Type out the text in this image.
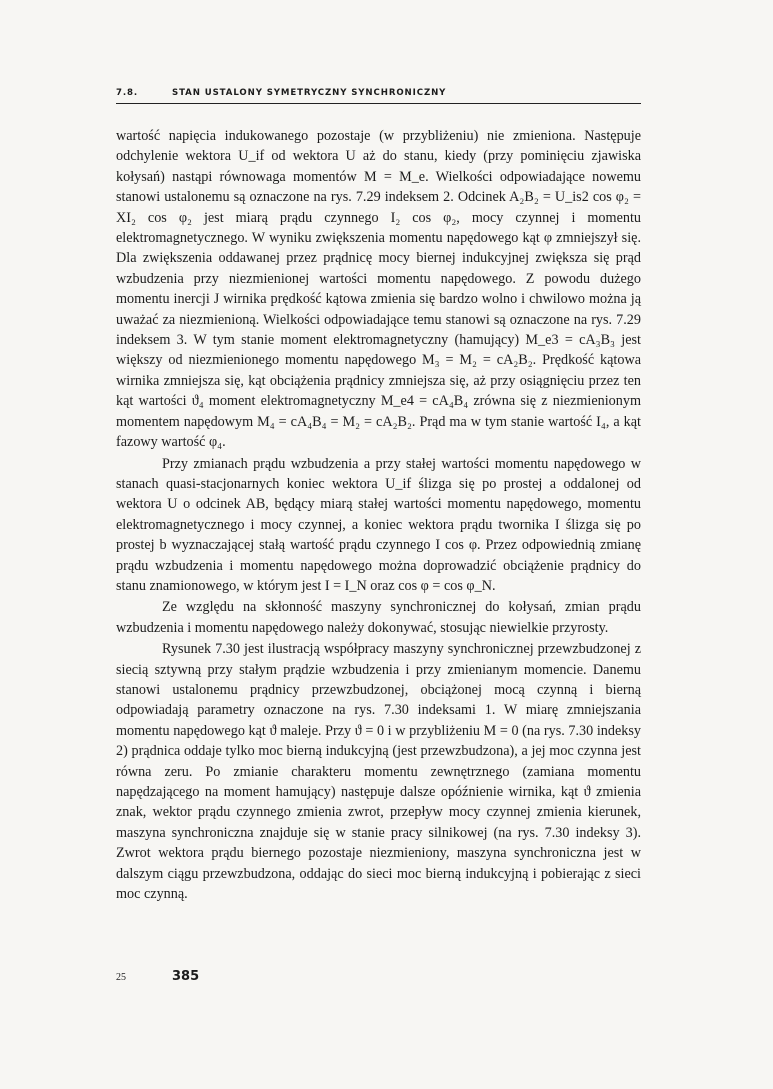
7.8.	STAN USTALONY SYMETRYCZNY SYNCHRONICZNY

wartość napięcia indukowanego pozostaje (w przybliżeniu) nie zmieniona. Następuje odchylenie wektora U_if od wektora U aż do stanu, kiedy (przy pominięciu zjawiska kołysań) nastąpi równowaga momentów M = M_e. Wielkości odpowiadające nowemu stanowi ustalonemu są oznaczone na rys. 7.29 indeksem 2. Odcinek A₂B₂ = U_is2 cos φ₂ = XI₂ cos φ₂ jest miarą prądu czynnego I₂ cos φ₂, mocy czynnej i momentu elektromagnetycznego. W wyniku zwiększenia momentu napędowego kąt φ zmniejszył się. Dla zwiększenia oddawanej przez prądnicę mocy biernej indukcyjnej zwiększa się prąd wzbudzenia przy niezmienionej wartości momentu napędowego. Z powodu dużego momentu inercji J wirnika prędkość kątowa zmienia się bardzo wolno i chwilowo można ją uważać za niezmienioną. Wielkości odpowiadające temu stanowi są oznaczone na rys. 7.29 indeksem 3. W tym stanie moment elektromagnetyczny (hamujący) M_e3 = cA₃B₃ jest większy od niezmienionego momentu napędowego M₃ = M₂ = cA₂B₂. Prędkość kątowa wirnika zmniejsza się, kąt obciążenia prądnicy zmniejsza się, aż przy osiągnięciu przez ten kąt wartości ϑ₄ moment elektromagnetyczny M_e4 = cA₄B₄ zrówna się z niezmienionym momentem napędowym M₄ = cA₄B₄ = M₂ = cA₂B₂. Prąd ma w tym stanie wartość I₄, a kąt fazowy wartość φ₄.

Przy zmianach prądu wzbudzenia a przy stałej wartości momentu napędowego w stanach quasi-stacjonarnych koniec wektora U_if ślizga się po prostej a oddalonej od wektora U o odcinek AB, będący miarą stałej wartości momentu napędowego, momentu elektromagnetycznego i mocy czynnej, a koniec wektora prądu twornika I ślizga się po prostej b wyznaczającej stałą wartość prądu czynnego I cos φ. Przez odpowiednią zmianę prądu wzbudzenia i momentu napędowego można doprowadzić obciążenie prądnicy do stanu znamionowego, w którym jest I = I_N oraz cos φ = cos φ_N.

Ze względu na skłonność maszyny synchronicznej do kołysań, zmian prądu wzbudzenia i momentu napędowego należy dokonywać, stosując niewielkie przyrosty.

Rysunek 7.30 jest ilustracją współpracy maszyny synchronicznej przewzbudzonej z siecią sztywną przy stałym prądzie wzbudzenia i przy zmienianym momencie. Danemu stanowi ustalonemu prądnicy przewzbudzonej, obciążonej mocą czynną i bierną odpowiadają parametry oznaczone na rys. 7.30 indeksami 1. W miarę zmniejszania momentu napędowego kąt ϑ maleje. Przy ϑ = 0 i w przybliżeniu M = 0 (na rys. 7.30 indeksy 2) prądnica oddaje tylko moc bierną indukcyjną (jest przewzbudzona), a jej moc czynna jest równa zeru. Po zmianie charakteru momentu zewnętrznego (zamiana momentu napędzającego na moment hamujący) następuje dalsze opóźnienie wirnika, kąt ϑ zmienia znak, wektor prądu czynnego zmienia zwrot, przepływ mocy czynnej zmienia kierunek, maszyna synchroniczna znajduje się w stanie pracy silnikowej (na rys. 7.30 indeksy 3). Zwrot wektora prądu biernego pozostaje niezmieniony, maszyna synchroniczna jest w dalszym ciągu przewzbudzona, oddając do sieci moc bierną indukcyjną i pobierając z sieci moc czynną.

25	385
